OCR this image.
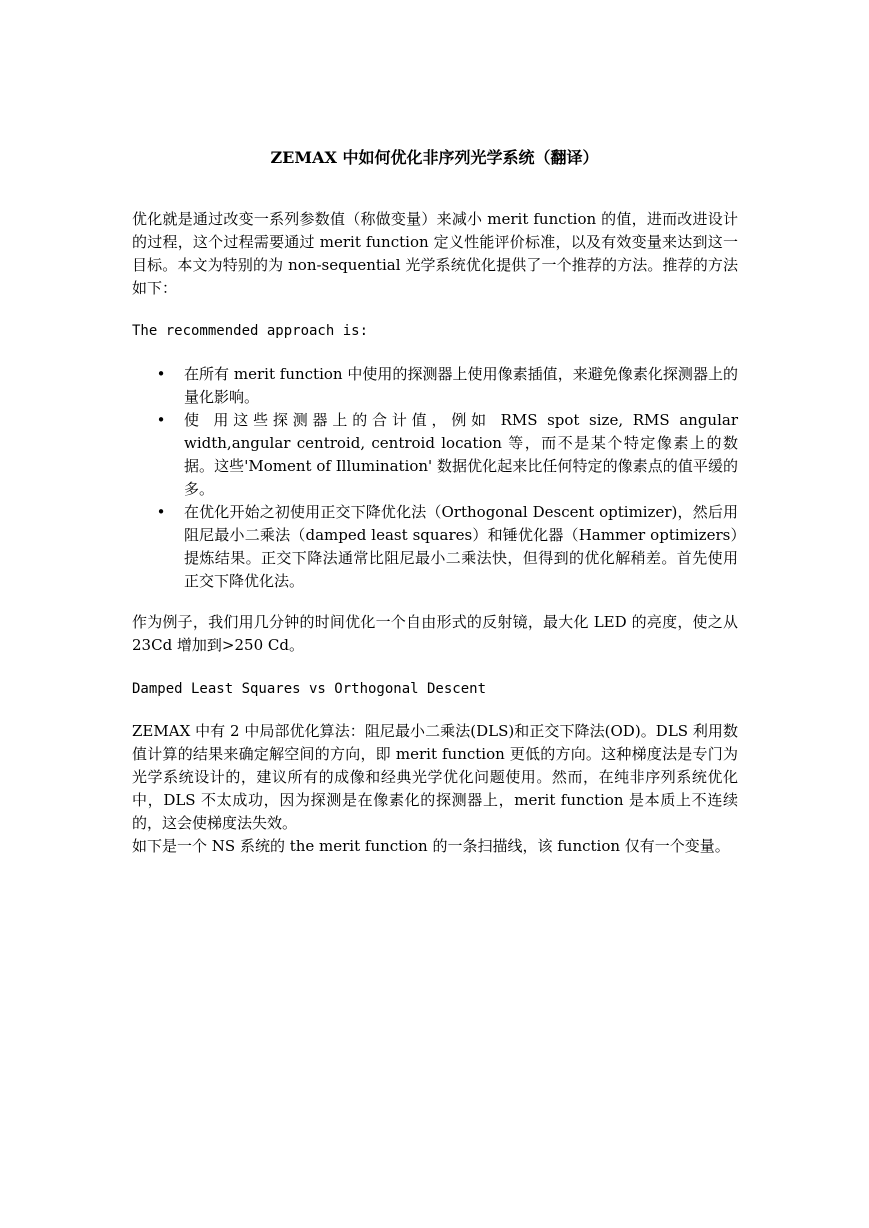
ZEMAX 中如何优化非序列光学系统（翻译）
优化就是通过改变一系列参数值（称做变量）来减小 merit function 的值，进而改进设计的过程，这个过程需要通过 merit function 定义性能评价标准，以及有效变量来达到这一目标。本文为特别的为 non-sequential 光学系统优化提供了一个推荐的方法。推荐的方法如下：
The recommended approach is:
• 在所有 merit function 中使用的探测器上使用像素插值，来避免像素化探测器上的量化影响。
• 使 用这些探测器上的合计值，例如 RMS spot size, RMS angular width,angular centroid, centroid location 等，而不是某个特定像素上的数据。这些'Moment of Illumination' 数据优化起来比任何特定的像素点的值平缓的多。
• 在优化开始之初使用正交下降优化法（Orthogonal Descent optimizer)，然后用阻尼最小二乘法（damped least squares）和锤优化器（Hammer optimizers）提炼结果。正交下降法通常比阻尼最小二乘法快，但得到的优化解稍差。首先使用正交下降优化法。
作为例子，我们用几分钟的时间优化一个自由形式的反射镜，最大化 LED 的亮度，使之从 23Cd 增加到>250 Cd。
Damped Least Squares vs Orthogonal Descent
ZEMAX 中有 2 中局部优化算法：阻尼最小二乘法(DLS)和正交下降法(OD)。DLS 利用数值计算的结果来确定解空间的方向，即 merit function 更低的方向。这种梯度法是专门为光学系统设计的，建议所有的成像和经典光学优化问题使用。然而，在纯非序列系统优化中，DLS 不太成功，因为探测是在像素化的探测器上，merit function 是本质上不连续的，这会使梯度法失效。
如下是一个 NS 系统的 the merit function 的一条扫描线，该 function 仅有一个变量。
